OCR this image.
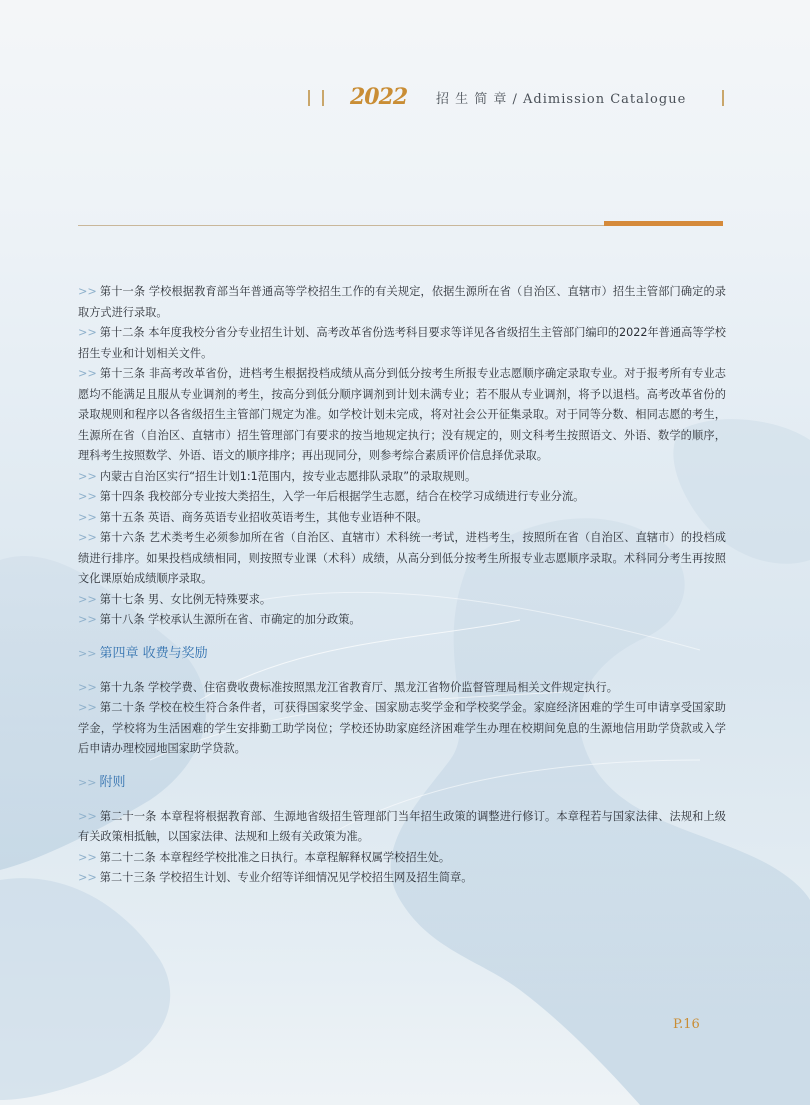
2022 招 生 简 章 / Adimission Catalogue

>> 第十一条 学校根据教育部当年普通高等学校招生工作的有关规定，依据生源所在省（自治区、直辖市）招生主管部门确定的录取方式进行录取。

>> 第十二条 本年度我校分省分专业招生计划、高考改革省份选考科目要求等详见各省级招生主管部门编印的2022年普通高等学校招生专业和计划相关文件。

>> 第十三条 非高考改革省份，进档考生根据投档成绩从高分到低分按考生所报专业志愿顺序确定录取专业。对于报考所有专业志愿均不能满足且服从专业调剂的考生，按高分到低分顺序调剂到计划未满专业；若不服从专业调剂，将予以退档。高考改革省份的录取规则和程序以各省级招生主管部门规定为准。如学校计划未完成，将对社会公开征集录取。对于同等分数、相同志愿的考生，生源所在省（自治区、直辖市）招生管理部门有要求的按当地规定执行；没有规定的，则文科考生按照语文、外语、数学的顺序，理科考生按照数学、外语、语文的顺序排序；再出现同分，则参考综合素质评价信息择优录取。

>> 内蒙古自治区实行“招生计划1:1范围内，按专业志愿排队录取”的录取规则。

>> 第十四条 我校部分专业按大类招生，入学一年后根据学生志愿，结合在校学习成绩进行专业分流。

>> 第十五条 英语、商务英语专业招收英语考生，其他专业语种不限。

>> 第十六条 艺术类考生必须参加所在省（自治区、直辖市）术科统一考试，进档考生，按照所在省（自治区、直辖市）的投档成绩进行排序。如果投档成绩相同，则按照专业课（术科）成绩，从高分到低分按考生所报专业志愿顺序录取。术科同分考生再按照文化课原始成绩顺序录取。

>> 第十七条 男、女比例无特殊要求。

>> 第十八条 学校承认生源所在省、市确定的加分政策。

>> 第四章 收费与奖励

>> 第十九条 学校学费、住宿费收费标准按照黑龙江省教育厅、黑龙江省物价监督管理局相关文件规定执行。

>> 第二十条 学校在校生符合条件者，可获得国家奖学金、国家励志奖学金和学校奖学金。家庭经济困难的学生可申请享受国家助学金，学校将为生活困难的学生安排勤工助学岗位；学校还协助家庭经济困难学生办理在校期间免息的生源地信用助学贷款或入学后申请办理校园地国家助学贷款。

>> 附则

>> 第二十一条 本章程将根据教育部、生源地省级招生管理部门当年招生政策的调整进行修订。本章程若与国家法律、法规和上级有关政策相抵触，以国家法律、法规和上级有关政策为准。

>> 第二十二条 本章程经学校批准之日执行。本章程解释权属学校招生处。

>> 第二十三条 学校招生计划、专业介绍等详细情况见学校招生网及招生简章。

P.16
